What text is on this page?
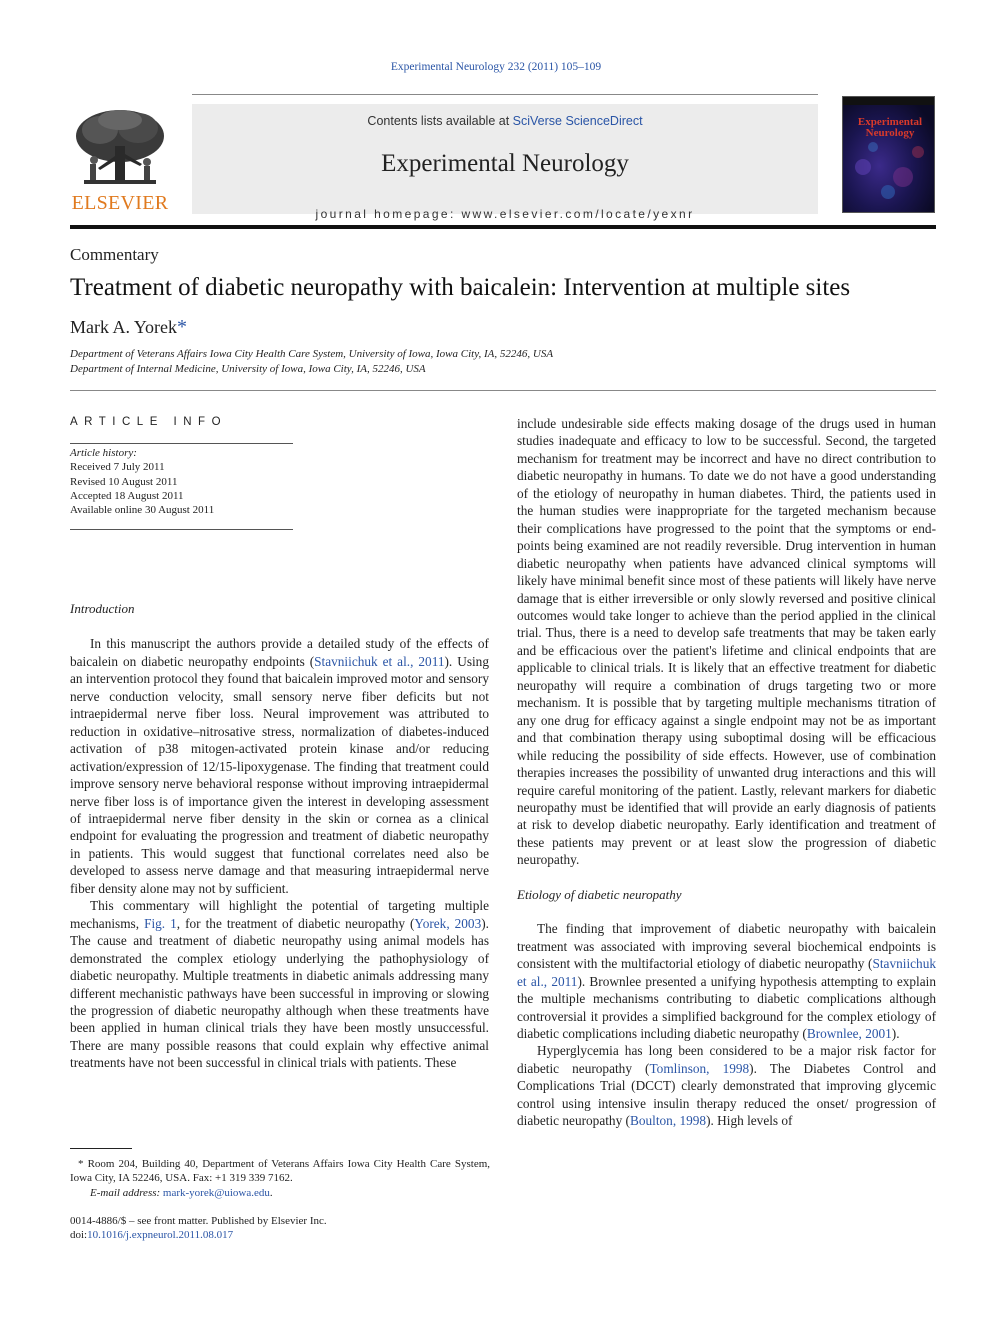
Experimental Neurology 232 (2011) 105–109
ELSEVIER
Contents lists available at SciVerse ScienceDirect
Experimental Neurology
journal homepage: www.elsevier.com/locate/yexnr
Experimental Neurology
Commentary
Treatment of diabetic neuropathy with baicalein: Intervention at multiple sites
Mark A. Yorek*
Department of Veterans Affairs Iowa City Health Care System, University of Iowa, Iowa City, IA, 52246, USA
Department of Internal Medicine, University of Iowa, Iowa City, IA, 52246, USA
ARTICLE INFO
Article history:
Received 7 July 2011
Revised 10 August 2011
Accepted 18 August 2011
Available online 30 August 2011
Introduction

In this manuscript the authors provide a detailed study of the effects of baicalein on diabetic neuropathy endpoints (Stavniichuk et al., 2011). Using an intervention protocol they found that baicalein improved motor and sensory nerve conduction velocity, small sensory nerve fiber deficits but not intraepidermal nerve fiber loss. Neural improvement was attributed to reduction in oxidative–nitrosative stress, normalization of diabetes-induced activation of p38 mitogen-activated protein kinase and/or reducing activation/expression of 12/15-lipoxygenase. The finding that treatment could improve sensory nerve behavioral response without improving intraepidermal nerve fiber loss is of importance given the interest in developing assessment of intraepidermal nerve fiber density in the skin or cornea as a clinical endpoint for evaluating the progression and treatment of diabetic neuropathy in patients. This would suggest that functional correlates need also be developed to assess nerve damage and that measuring intraepidermal nerve fiber density alone may not by sufficient.

This commentary will highlight the potential of targeting multiple mechanisms, Fig. 1, for the treatment of diabetic neuropathy (Yorek, 2003). The cause and treatment of diabetic neuropathy using animal models has demonstrated the complex etiology underlying the pathophysiology of diabetic neuropathy. Multiple treatments in diabetic animals addressing many different mechanistic pathways have been successful in improving or slowing the progression of diabetic neuropathy although when these treatments have been applied in human clinical trials they have been mostly unsuccessful. There are many possible reasons that could explain why effective animal treatments have not been successful in clinical trials with patients. These

include undesirable side effects making dosage of the drugs used in human studies inadequate and efficacy to low to be successful. Second, the targeted mechanism for treatment may be incorrect and have no direct contribution to diabetic neuropathy in humans. To date we do not have a good understanding of the etiology of neuropathy in human diabetes. Third, the patients used in the human studies were inappropriate for the targeted mechanism because their complications have progressed to the point that the symptoms or end-points being examined are not readily reversible. Drug intervention in human diabetic neuropathy when patients have advanced clinical symptoms will likely have minimal benefit since most of these patients will likely have nerve damage that is either irreversible or only slowly reversed and positive clinical outcomes would take longer to achieve than the period applied in the clinical trial. Thus, there is a need to develop safe treatments that may be taken early and be efficacious over the patient's lifetime and clinical endpoints that are applicable to clinical trials. It is likely that an effective treatment for diabetic neuropathy will require a combination of drugs targeting two or more mechanism. It is possible that by targeting multiple mechanisms titration of any one drug for efficacy against a single endpoint may not be as important and that combination therapy using suboptimal dosing will be efficacious while reducing the possibility of side effects. However, use of combination therapies increases the possibility of unwanted drug interactions and this will require careful monitoring of the patient. Lastly, relevant markers for diabetic neuropathy must be identified that will provide an early diagnosis of patients at risk to develop diabetic neuropathy. Early identification and treatment of these patients may prevent or at least slow the progression of diabetic neuropathy.

Etiology of diabetic neuropathy

The finding that improvement of diabetic neuropathy with baicalein treatment was associated with improving several biochemical endpoints is consistent with the multifactorial etiology of diabetic neuropathy (Stavniichuk et al., 2011). Brownlee presented a unifying hypothesis attempting to explain the multiple mechanisms contributing to diabetic complications although controversial it provides a simplified background for the complex etiology of diabetic complications including diabetic neuropathy (Brownlee, 2001).

Hyperglycemia has long been considered to be a major risk factor for diabetic neuropathy (Tomlinson, 1998). The Diabetes Control and Complications Trial (DCCT) clearly demonstrated that improving glycemic control using intensive insulin therapy reduced the onset/ progression of diabetic neuropathy (Boulton, 1998). High levels of

* Room 204, Building 40, Department of Veterans Affairs Iowa City Health Care System, Iowa City, IA 52246, USA. Fax: +1 319 339 7162.
E-mail address: mark-yorek@uiowa.edu.
0014-4886/$ – see front matter. Published by Elsevier Inc.
doi:10.1016/j.expneurol.2011.08.017
